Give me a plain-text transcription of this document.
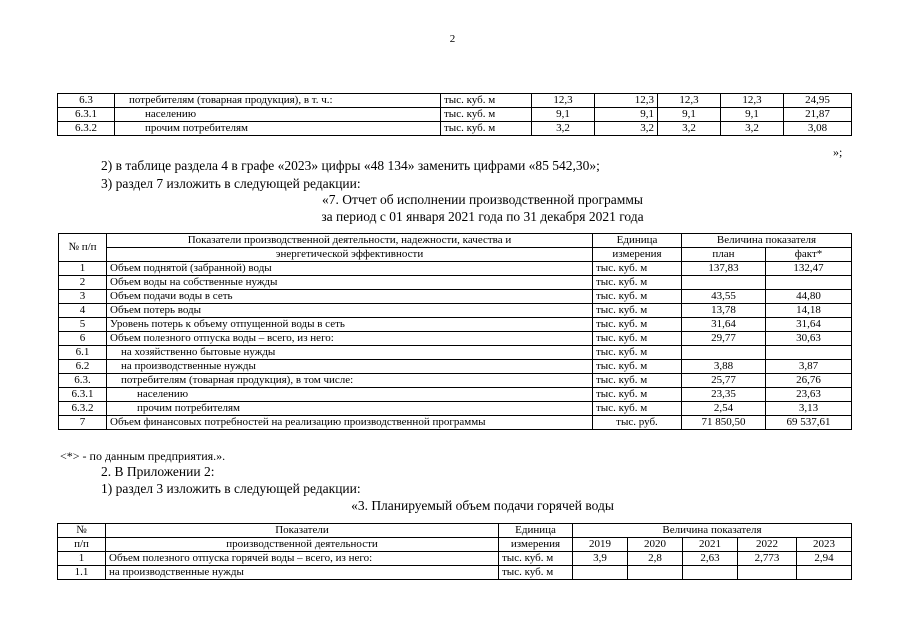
2
6.3	потребителям (товарная продукция), в т. ч.:	тыс. куб. м	12,3	12,3	12,3	12,3	24,95
6.3.1	населению	тыс. куб. м	9,1	9,1	9,1	9,1	21,87
6.3.2	прочим потребителям	тыс. куб. м	3,2	3,2	3,2	3,2	3,08
»;
2) в таблице раздела 4 в графе «2023» цифры «48 134» заменить цифрами «85 542,30»;
3) раздел 7 изложить в следующей редакции:
«7. Отчет об исполнении производственной программы
за период с 01 января 2021 года по 31 декабря 2021 года
№ п/п	Показатели производственной деятельности, надежности, качества и	Единица	Величина показателя	
	энергетической эффективности	измерения	план	факт*
1	Объем поднятой (забранной) воды	тыс. куб. м	137,83	132,47
2	Объем воды на собственные нужды	тыс. куб. м		
3	Объем подачи воды в сеть	тыс. куб. м	43,55	44,80
4	Объем потерь воды	тыс. куб. м	13,78	14,18
5	Уровень потерь к объему отпущенной воды в сеть	тыс. куб. м	31,64	31,64
6	Объем полезного отпуска воды – всего, из него:	тыс. куб. м	29,77	30,63
6.1	на хозяйственно бытовые нужды	тыс. куб. м		
6.2	на производственные нужды	тыс. куб. м	3,88	3,87
6.3.	потребителям (товарная продукция), в том числе:	тыс. куб. м	25,77	26,76
6.3.1	населению	тыс. куб. м	23,35	23,63
6.3.2	прочим потребителям	тыс. куб. м	2,54	3,13
7	Объем финансовых потребностей на реализацию производственной программы	тыс. руб.	71 850,50	69 537,61
<*> - по данным предприятия.».
2. В Приложении 2:
1) раздел 3 изложить в следующей редакции:
«3. Планируемый объем подачи горячей воды
№	Показатели	Единица	Величина показателя				
п/п	производственной деятельности	измерения	2019	2020	2021	2022	2023
1	Объем полезного отпуска горячей воды – всего, из него:	тыс. куб. м	3,9	2,8	2,63	2,773	2,94
1.1	на производственные нужды	тыс. куб. м					
